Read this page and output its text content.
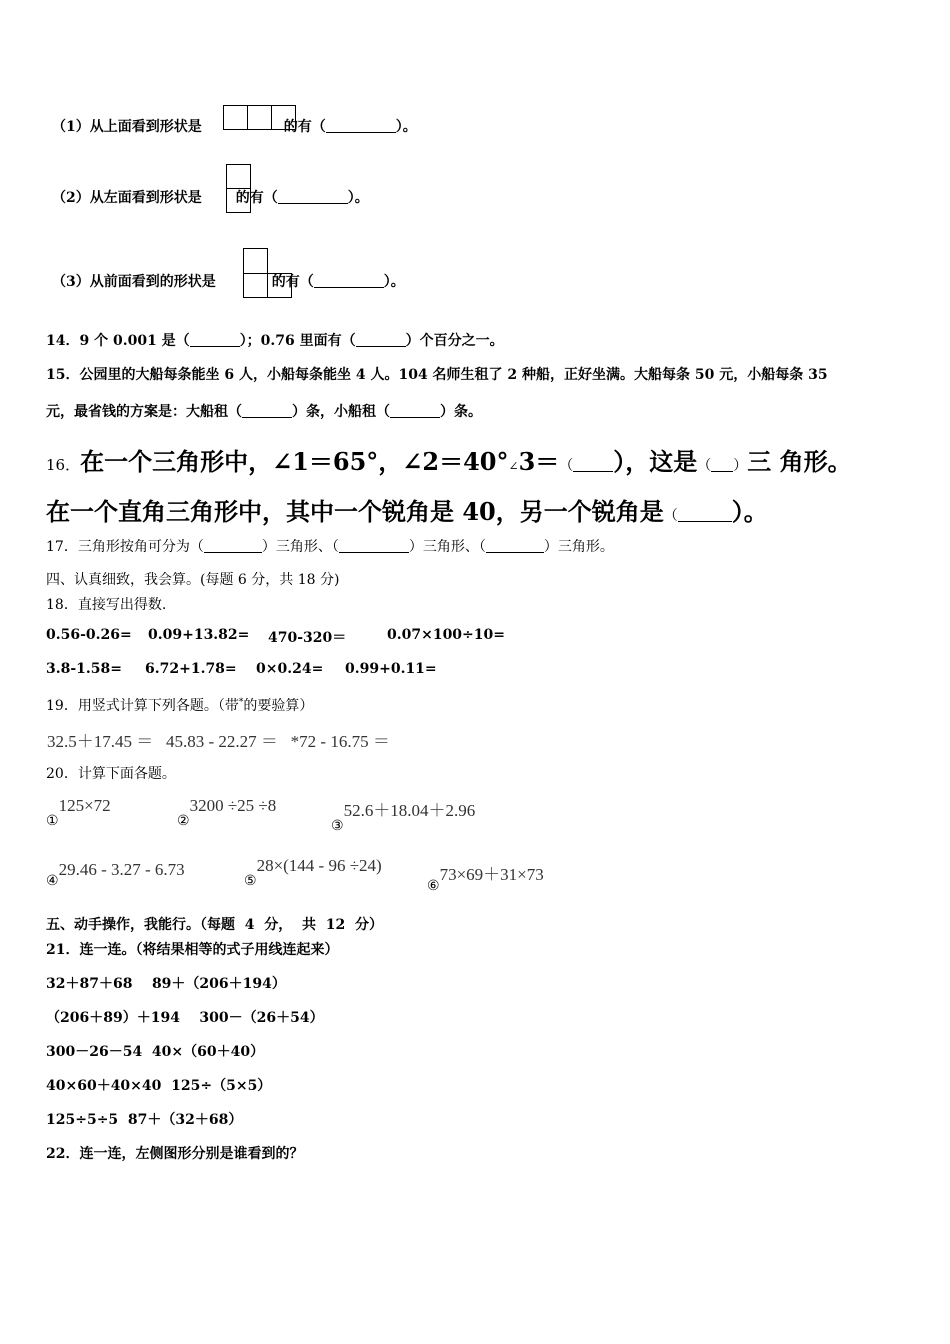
（1）从上面看到形状是	的有（	）。
（2）从左面看到形状是 的有（	）。
（3）从前面看到的形状是	的有（	）。
14．9 个 0.001 是（	）；0.76 里面有（	）个百分之一。
15．公园里的大船每条能坐 6 人，小船每条能坐 4 人。104 名师生租了 2 种船，正好坐满。大船每条 50 元，小船每条 35
元，最省钱的方案是：大船租（	）条，小船租（	）条。
16．在一个三角形中，∠1＝65°，∠2＝40°∠3＝（ ），这是（ ）三 角形。
在一个直角三角形中，其中一个锐角是 40，另一个锐角是（ ）。
17．三角形按角可分为（	）三角形、（	）三角形、（	）三角形。
四、认真细致，我会算。(每题 6 分，共 18 分)
18．直接写出得数.
0.56-0.26= 0.09+13.82= 470-320＝	0.07×100÷10=
3.8-1.58= 6.72+1.78= 0×0.24= 0.99+0.11=
19．用竖式计算下列各题。（带*的要验算）
32.5＋17.45 ＝   45.83 - 22.27 ＝   *72 - 16.75 ＝
20．计算下面各题。
①125×72
②3200 ÷25 ÷8
③52.6＋18.04＋2.96
④29.46 - 3.27 - 6.73
⑤28×(144 - 96 ÷24)
⑥73×69＋31×73
五、动手操作，我能行。（每题  4  分，  共  12  分）
21．连一连。（将结果相等的式子用线连起来）
32＋87＋68    89＋（206＋194）
（206＋89）＋194    300－（26＋54）
300－26－54  40×（60＋40）
40×60＋40×40  125÷（5×5）
125÷5÷5  87＋（32＋68）
22．连一连，左侧图形分别是谁看到的？
